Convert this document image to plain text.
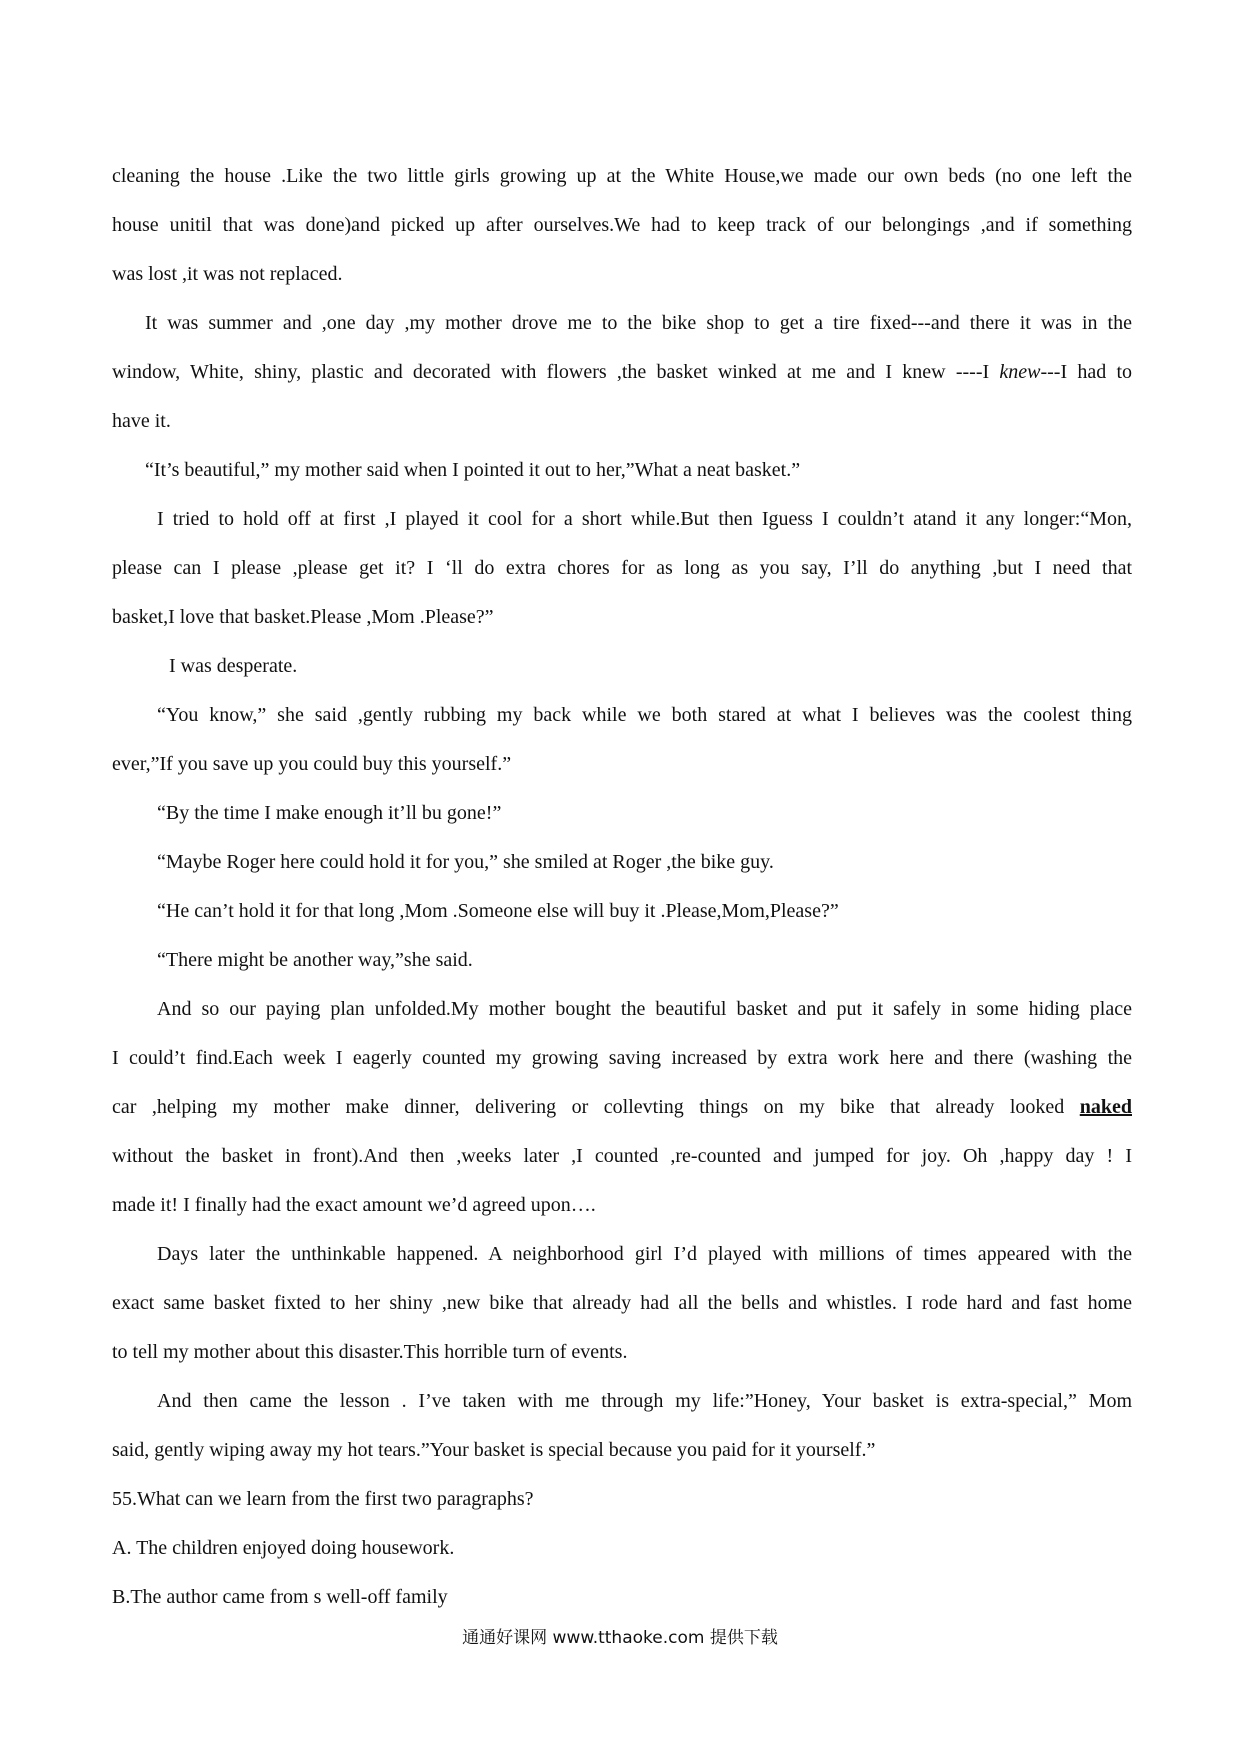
cleaning the house .Like the two little girls growing up at the White House,we made our own beds (no one left the
house unitil that was done)and picked up after ourselves.We had to keep track of our belongings ,and if something
was lost ,it was not replaced.
It was summer and ,one day ,my mother drove me to the bike shop to get a tire fixed---and there it was in the
window, White, shiny, plastic and decorated with flowers ,the basket winked at me and I knew ----I knew---I had to
have it.
“It’s beautiful,” my mother said when I pointed it out to her,”What a neat basket.”
I tried to hold off at first ,I played it cool for a short while.But then Iguess I couldn’t atand it any longer:“Mon,
please can I please ,please get it? I ‘ll do extra chores for as long as you say, I’ll do anything ,but I need that
basket,I love that basket.Please ,Mom .Please?”
I was desperate.
“You know,” she said ,gently rubbing my back while we both stared at what I believes was the coolest thing
ever,”If you save up you could buy this yourself.”
“By the time I make enough it’ll bu gone!”
“Maybe Roger here could hold it for you,” she smiled at Roger ,the bike guy.
“He can’t hold it for that long ,Mom .Someone else will buy it .Please,Mom,Please?”
“There might be another way,”she said.
And so our paying plan unfolded.My mother bought the beautiful basket and put it safely in some hiding place
I could’t find.Each week I eagerly counted my growing saving increased by extra work here and there (washing the
car ,helping my mother make dinner, delivering or collevting things on my bike that already looked naked
without the basket in front).And then ,weeks later ,I counted ,re-counted and jumped for joy. Oh ,happy day ! I
made it! I finally had the exact amount we’d agreed upon….
Days later the unthinkable happened. A neighborhood girl I’d played with millions of times appeared with the
exact same basket fixted to her shiny ,new bike that already had all the bells and whistles. I rode hard and fast home
to tell my mother about this disaster.This horrible turn of events.
And then came the lesson . I’ve taken with me through my life:”Honey, Your basket is extra-special,” Mom
said, gently wiping away my hot tears.”Your basket is special because you paid for it yourself.”
55.What can we learn from the first two paragraphs?
A. The children enjoyed doing housework.
B.The author came from s well-off family
通通好课网 www.tthaoke.com 提供下载
